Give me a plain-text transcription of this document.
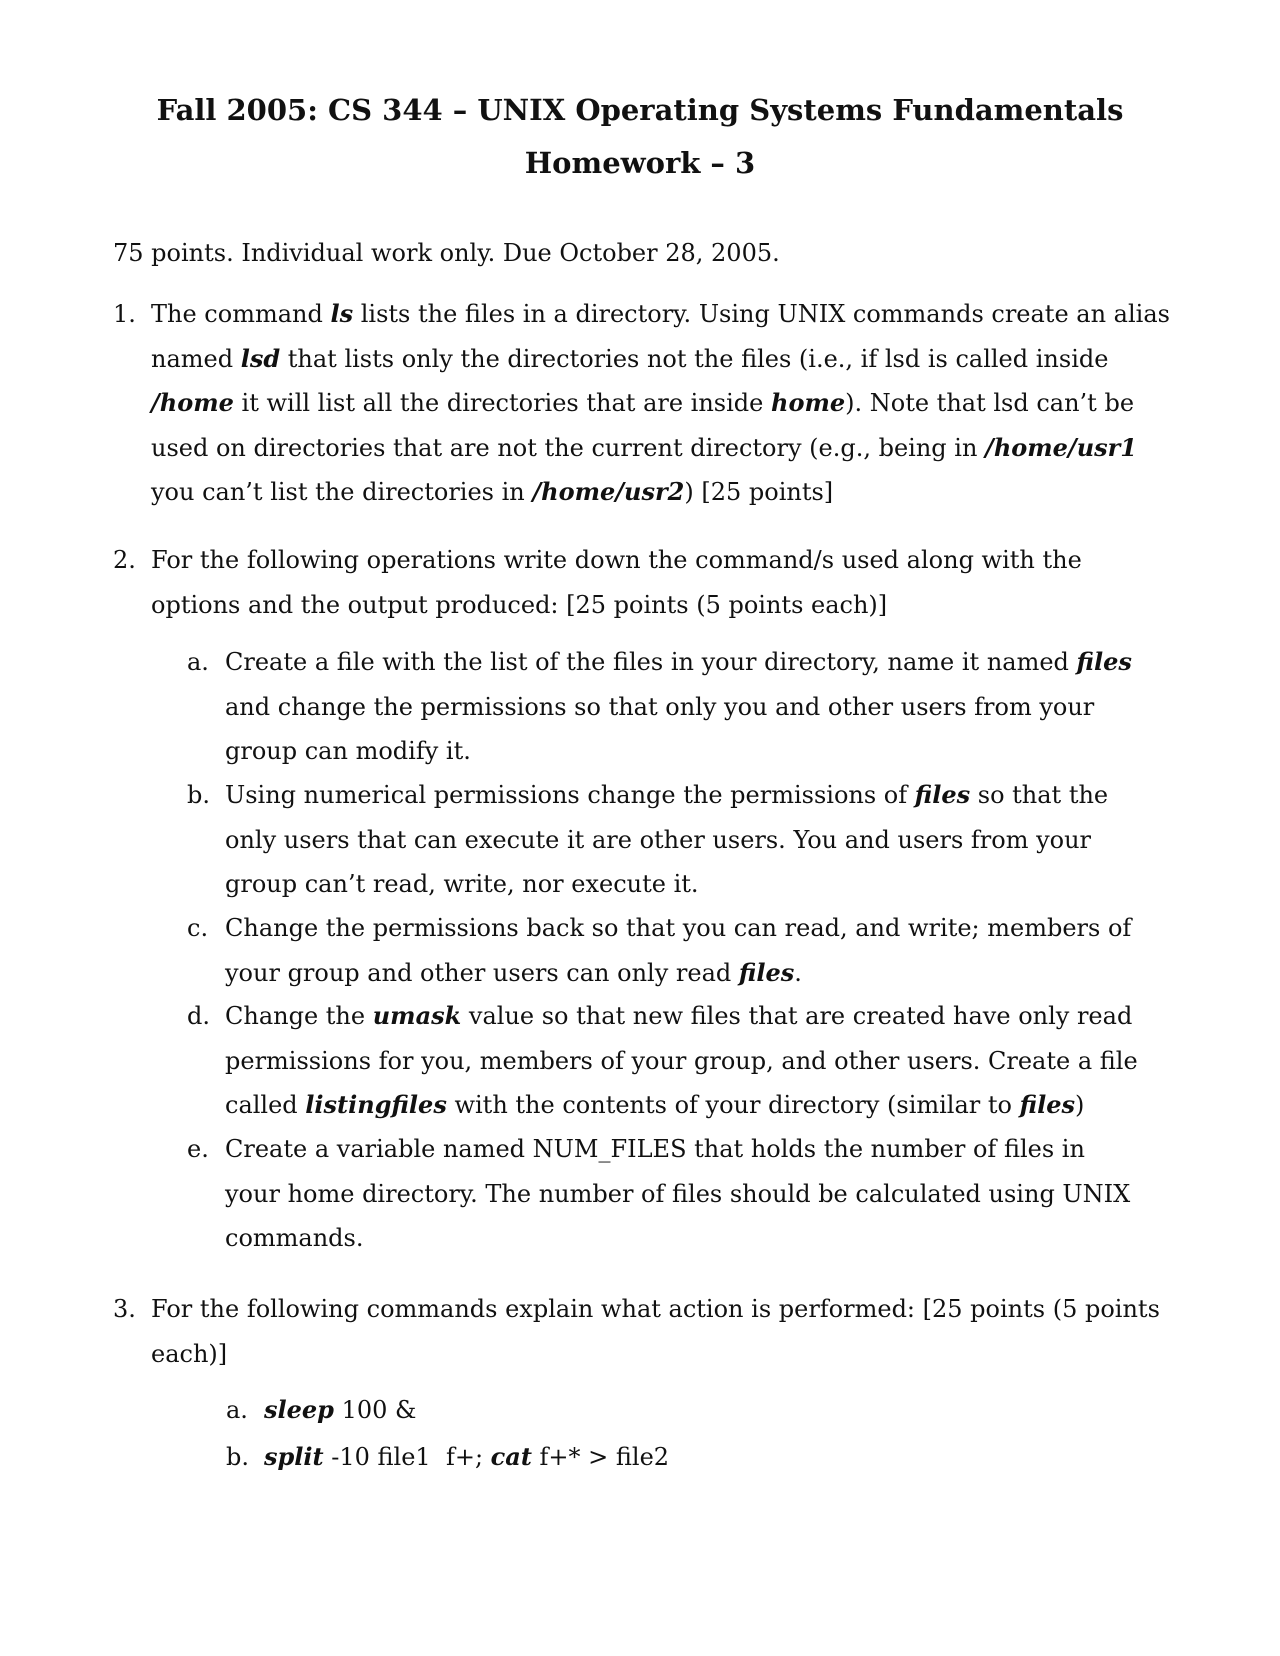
Fall 2005: CS 344 – UNIX Operating Systems Fundamentals
Homework – 3
75 points. Individual work only. Due October 28, 2005.
1. The command ls lists the files in a directory. Using UNIX commands create an alias named lsd that lists only the directories not the files (i.e., if lsd is called inside /home it will list all the directories that are inside home). Note that lsd can’t be used on directories that are not the current directory (e.g., being in /home/usr1 you can’t list the directories in /home/usr2) [25 points]
2. For the following operations write down the command/s used along with the options and the output produced: [25 points (5 points each)]
a. Create a file with the list of the files in your directory, name it named files and change the permissions so that only you and other users from your group can modify it.
b. Using numerical permissions change the permissions of files so that the only users that can execute it are other users. You and users from your group can’t read, write, nor execute it.
c. Change the permissions back so that you can read, and write; members of your group and other users can only read files.
d. Change the umask value so that new files that are created have only read permissions for you, members of your group, and other users. Create a file called listingfiles with the contents of your directory (similar to files)
e. Create a variable named NUM_FILES that holds the number of files in your home directory. The number of files should be calculated using UNIX commands.
3. For the following commands explain what action is performed: [25 points (5 points each)]
a. sleep 100 &
b. split -10 file1  f+; cat f+* > file2
